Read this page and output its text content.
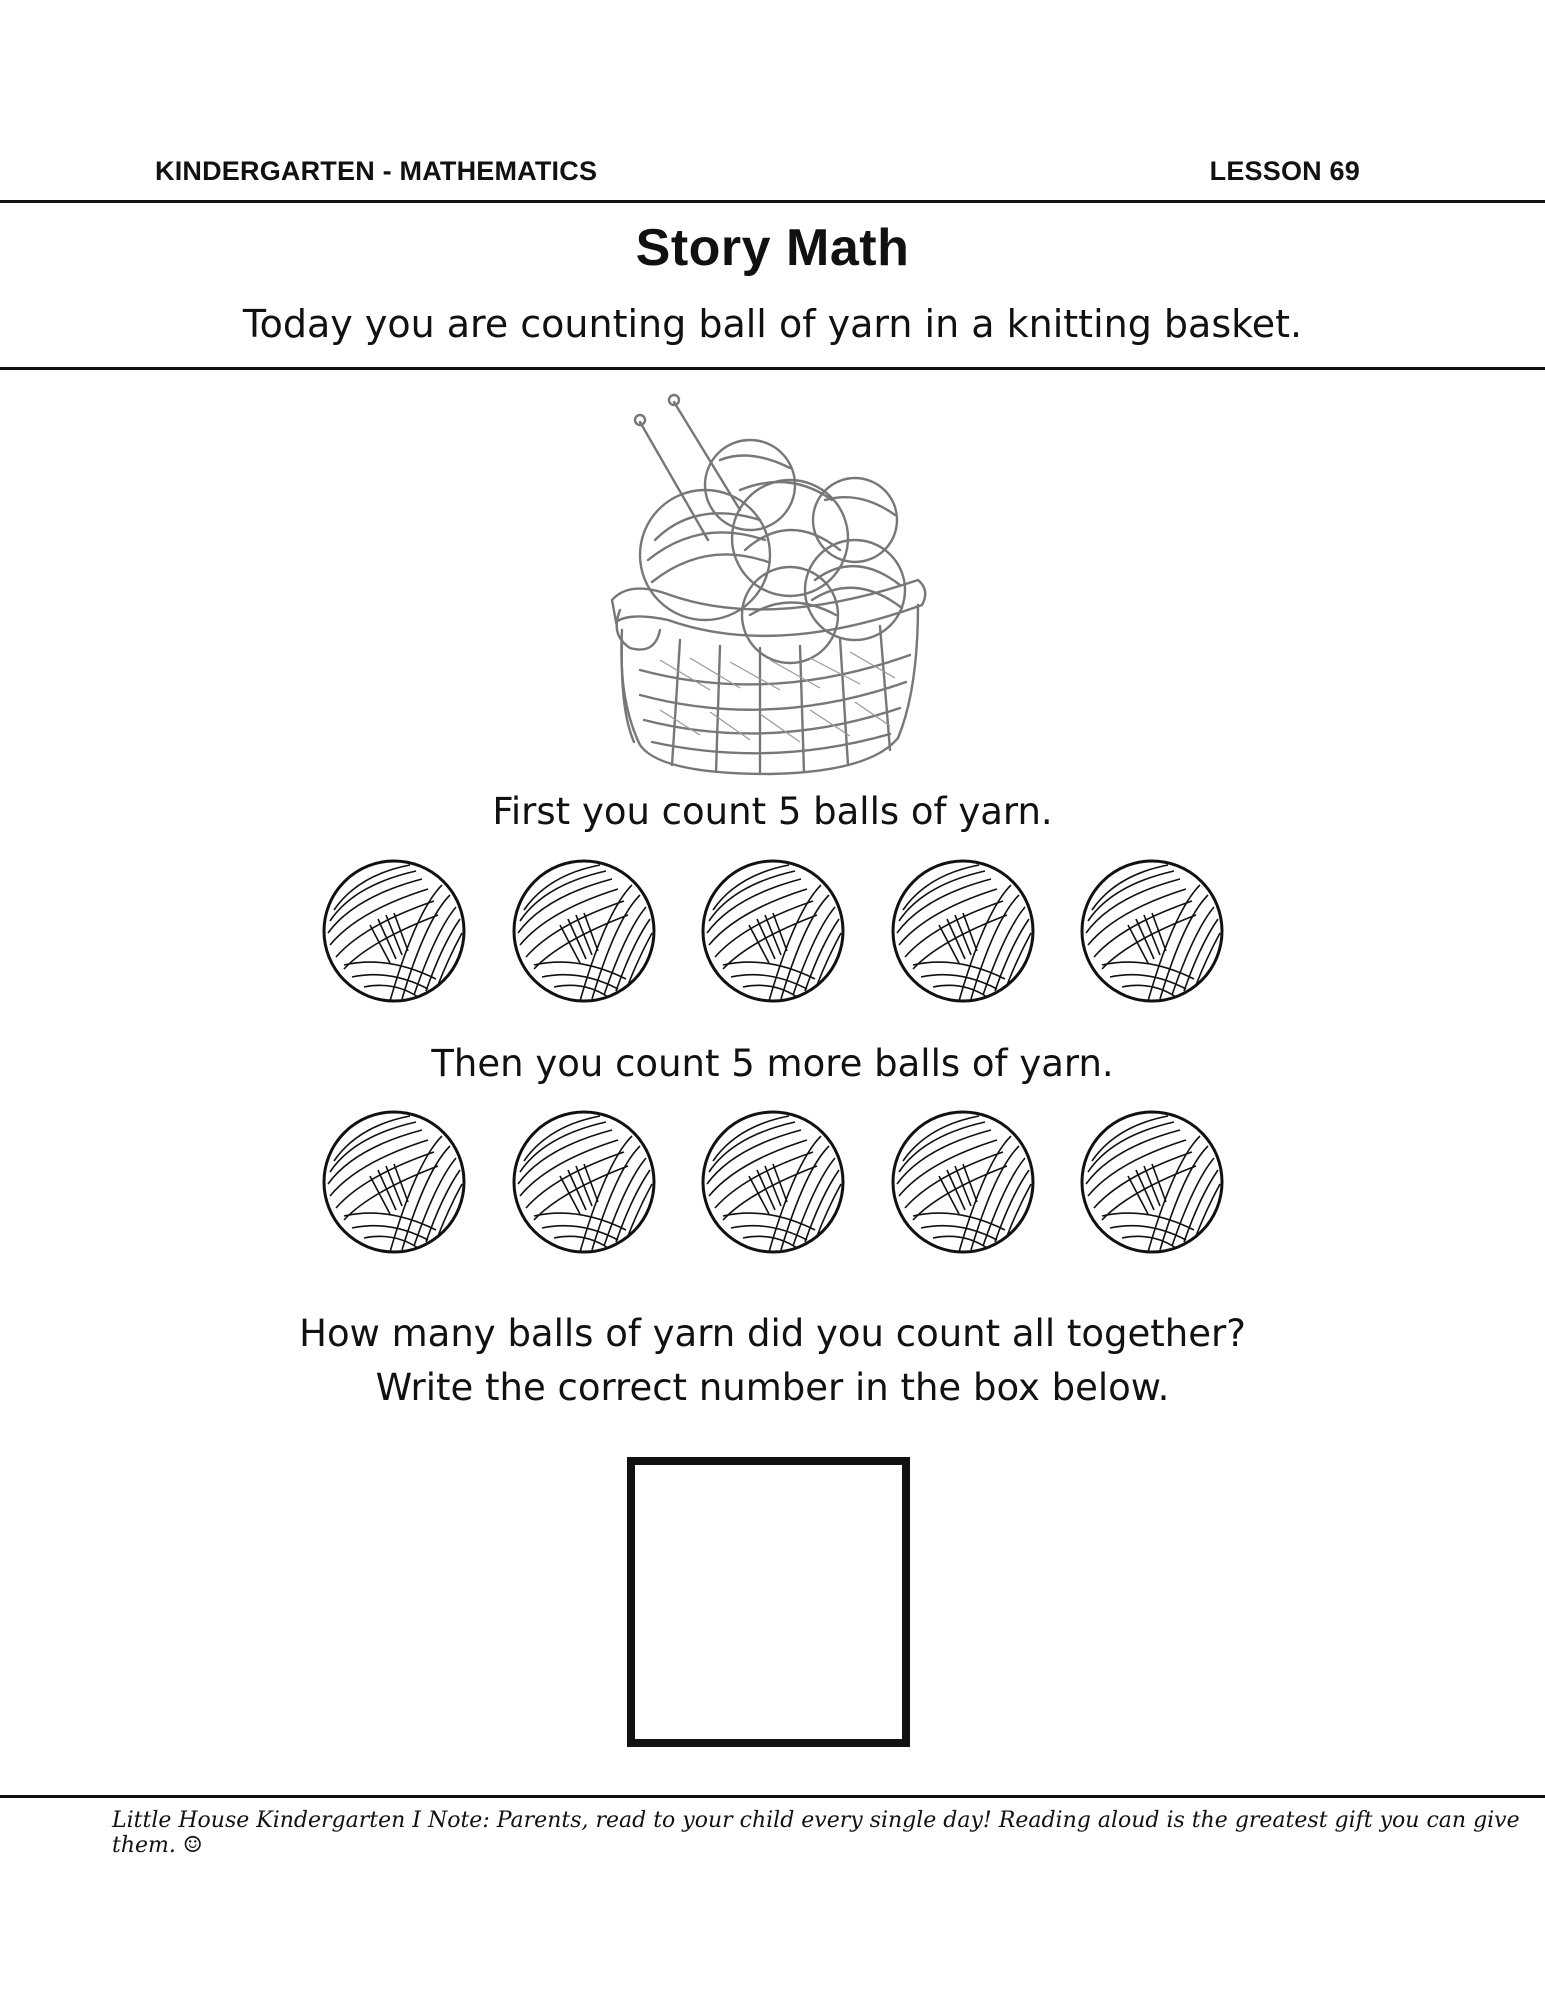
KINDERGARTEN - MATHEMATICS	LESSON 69
Story Math
Today you are counting ball of yarn in a knitting basket.
First you count 5 balls of yarn.
Then you count 5 more balls of yarn.
How many balls of yarn did you count all together?
Write the correct number in the box below.
Little House Kindergarten I Note: Parents, read to your child every single day! Reading aloud is the greatest gift you can give them. ☺
